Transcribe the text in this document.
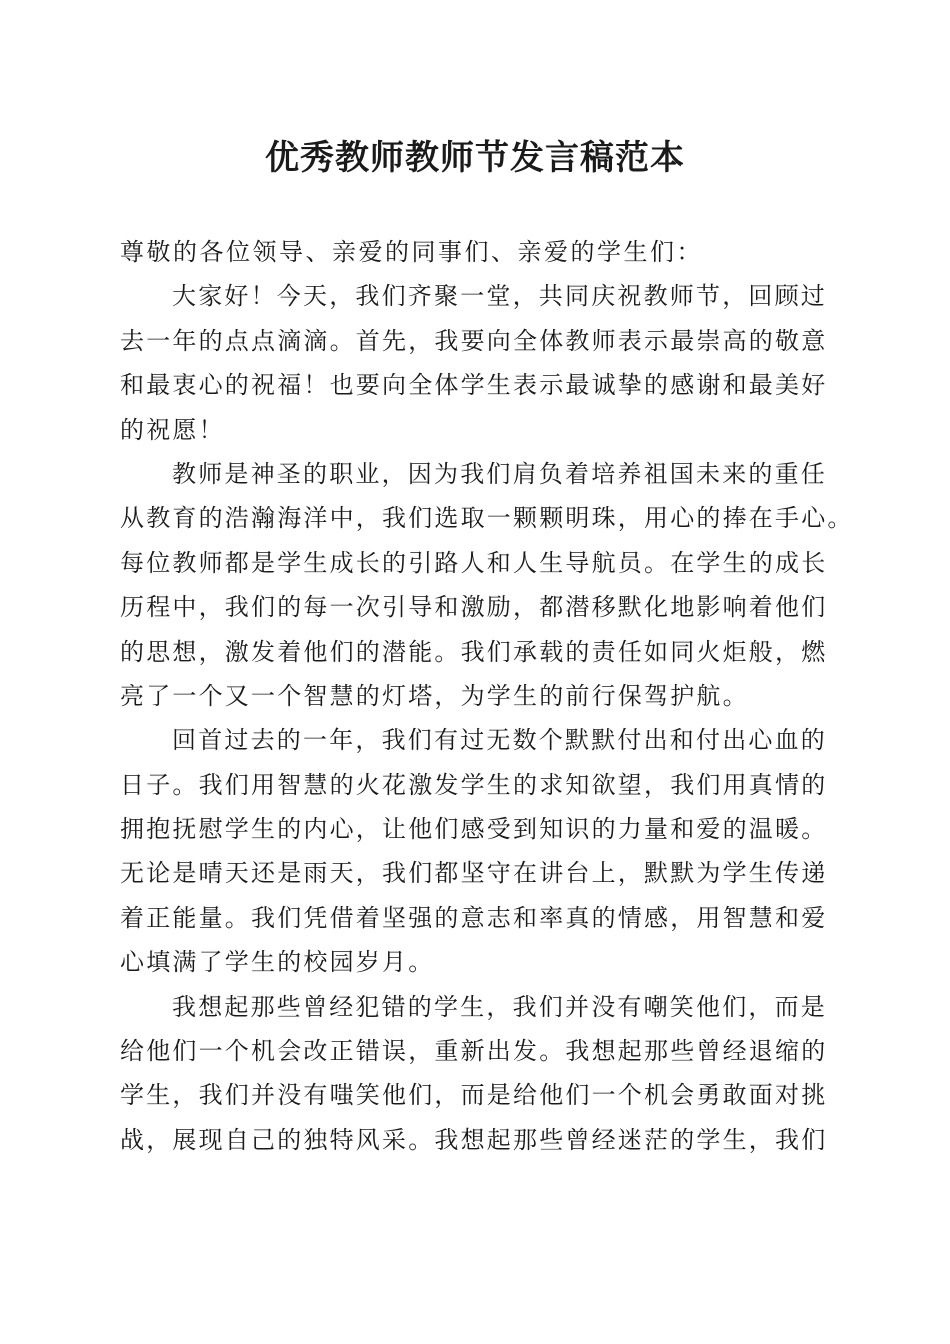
优秀教师教师节发言稿范本
尊敬的各位领导、亲爱的同事们、亲爱的学生们：
大家好！今天，我们齐聚一堂，共同庆祝教师节，回顾过
去一年的点点滴滴。首先，我要向全体教师表示最崇高的敬意
和最衷心的祝福！也要向全体学生表示最诚挚的感谢和最美好
的祝愿！
教师是神圣的职业，因为我们肩负着培养祖国未来的重任
从教育的浩瀚海洋中，我们选取一颗颗明珠，用心的捧在手心。
每位教师都是学生成长的引路人和人生导航员。在学生的成长
历程中，我们的每一次引导和激励，都潜移默化地影响着他们
的思想，激发着他们的潜能。我们承载的责任如同火炬般，燃
亮了一个又一个智慧的灯塔，为学生的前行保驾护航。
回首过去的一年，我们有过无数个默默付出和付出心血的
日子。我们用智慧的火花激发学生的求知欲望，我们用真情的
拥抱抚慰学生的内心，让他们感受到知识的力量和爱的温暖。
无论是晴天还是雨天，我们都坚守在讲台上，默默为学生传递
着正能量。我们凭借着坚强的意志和率真的情感，用智慧和爱
心填满了学生的校园岁月。
我想起那些曾经犯错的学生，我们并没有嘲笑他们，而是
给他们一个机会改正错误，重新出发。我想起那些曾经退缩的
学生，我们并没有嗤笑他们，而是给他们一个机会勇敢面对挑
战，展现自己的独特风采。我想起那些曾经迷茫的学生，我们
